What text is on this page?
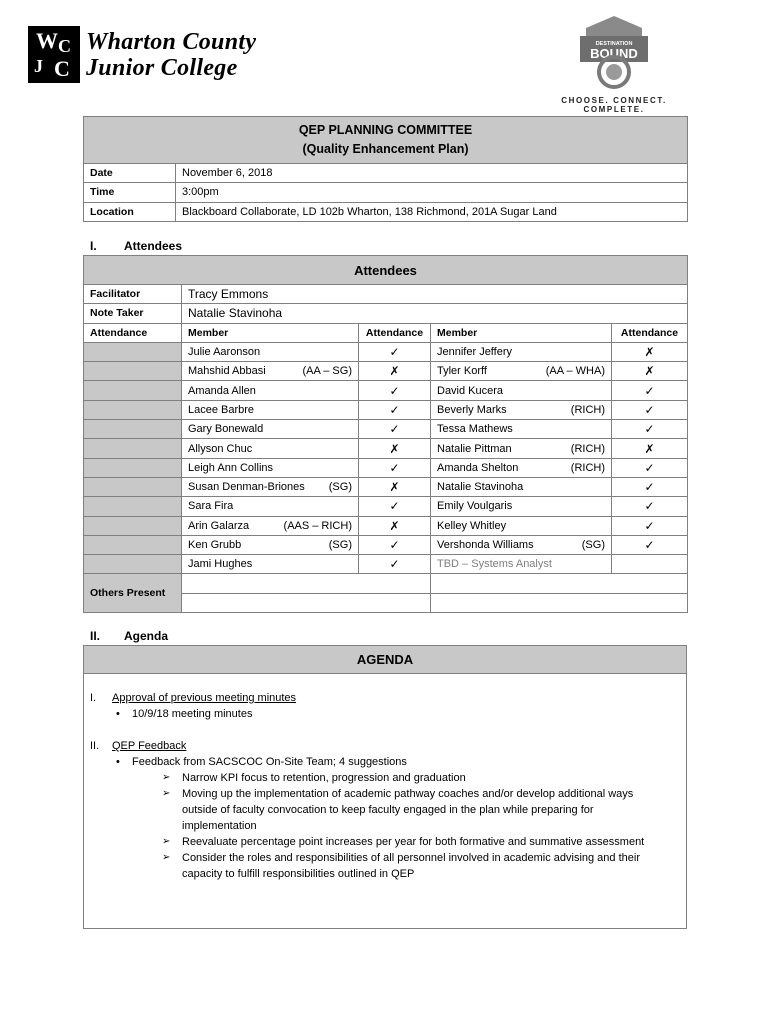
W C
J C
Wharton County
Junior College
DESTINATION
BOUND
CHOOSE. CONNECT. COMPLETE.
QEP PLANNING COMMITTEE
(Quality Enhancement Plan)	

Date	November 6, 2018
Time	3:00pm
Location	Blackboard Collaborate, LD 102b Wharton, 138 Richmond, 201A Sugar Land
I. Attendees
Attendees				
Facilitator	Tracy Emmons			
Note Taker	Natalie Stavinoha			
Attendance	Member	Attendance	Member	Attendance

	Julie Aaronson	✓	Jennifer Jeffery	✗

	Mahshid Abbasi (AA – SG)	✗	Tyler Korff (AA – WHA)	✗

	Amanda Allen	✓	David Kucera	✓

	Lacee Barbre	✓	Beverly Marks (RICH)	✓

	Gary Bonewald	✓	Tessa Mathews	✓

	Allyson Chuc	✗	Natalie Pittman (RICH)	✗

	Leigh Ann Collins	✓	Amanda Shelton (RICH)	✓

	Susan Denman-Briones (SG)	✗	Natalie Stavinoha	✓

	Sara Fira	✓	Emily Voulgaris	✓

	Arin Galarza (AAS – RICH)	✗	Kelley Whitley	✓

	Ken Grubb (SG)	✓	Vershonda Williams (SG)	✓

	Jami Hughes	✓	TBD – Systems Analyst	

Others Present				

II. Agenda
AGENDA
I.	Approval of previous meeting minutes
•	10/9/18 meeting minutes
II.	QEP Feedback
•	Feedback from SACSCOC On-Site Team; 4 suggestions
➢	Narrow KPI focus to retention, progression and graduation
➢	Moving up the implementation of academic pathway coaches and/or develop additional ways outside of faculty convocation to keep faculty engaged in the plan while preparing for implementation
➢	Reevaluate percentage point increases per year for both formative and summative assessment
➢	Consider the roles and responsibilities of all personnel involved in academic advising and their capacity to fulfill responsibilities outlined in QEP
